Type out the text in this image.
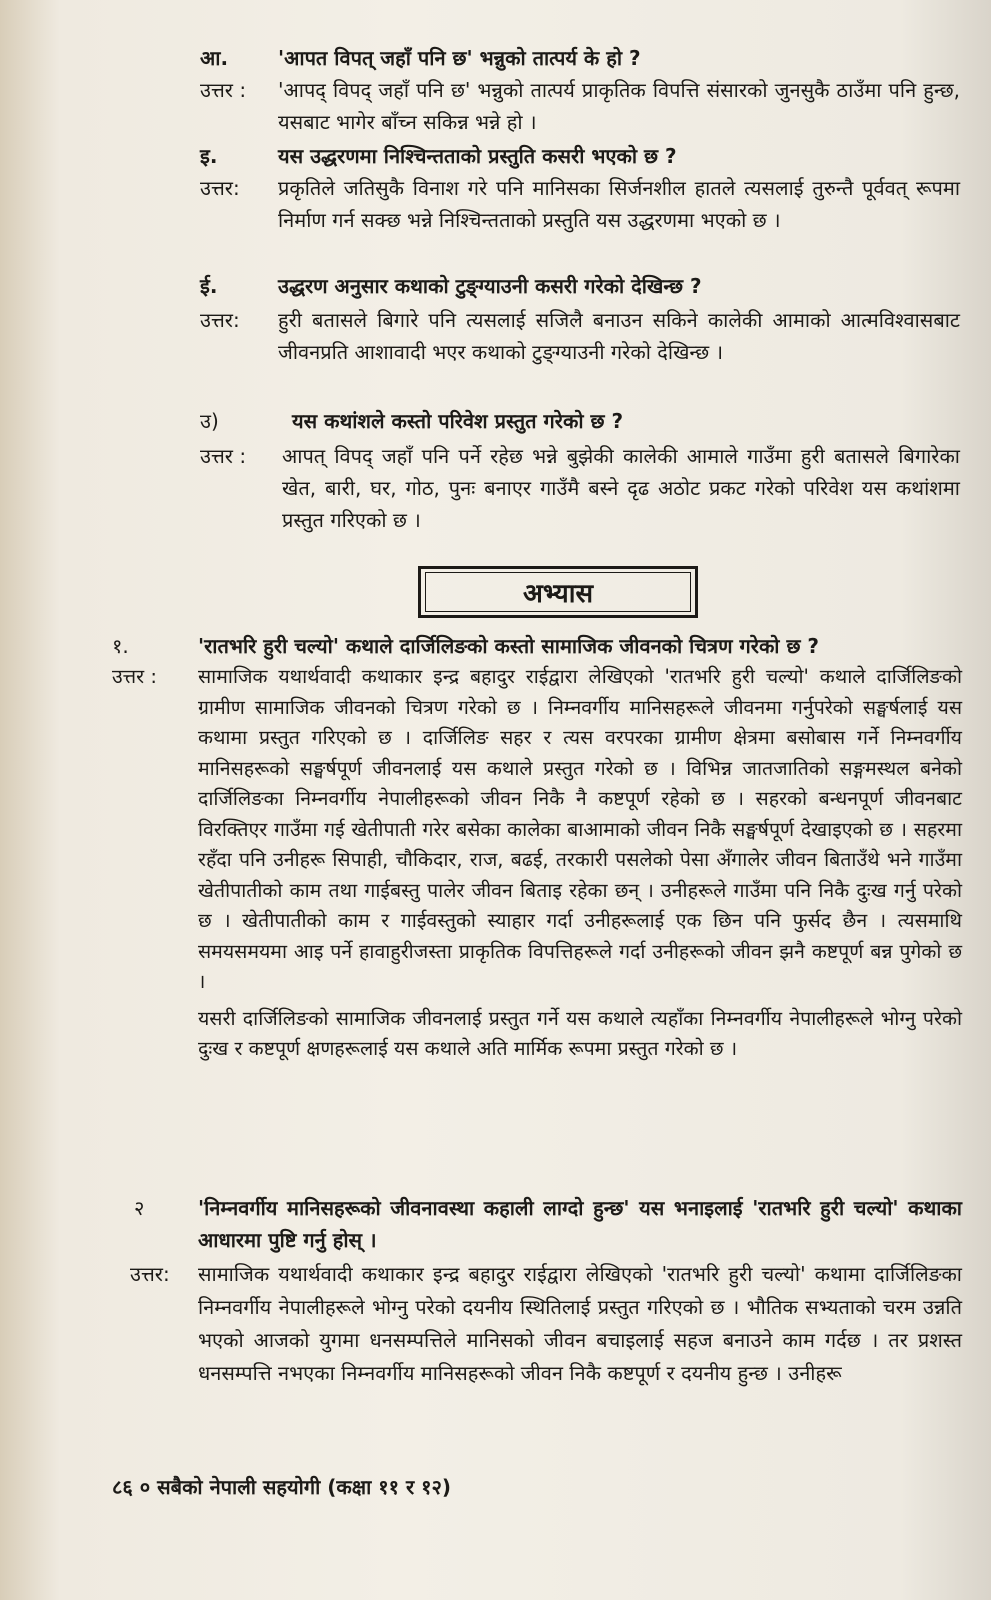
आ. 'आपत विपत् जहाँ पनि छ' भन्नुको तात्पर्य के हो ?
उत्तर : 'आपद् विपद् जहाँ पनि छ' भन्नुको तात्पर्य प्राकृतिक विपत्ति संसारको जुनसुकै ठाउँमा पनि हुन्छ, यसबाट भागेर बाँच्न सकिन्न भन्ने हो ।
इ.	यस उद्धरणमा निश्चिन्तताको प्रस्तुति कसरी भएको छ ?
उत्तर: प्रकृतिले जतिसुकै विनाश गरे पनि मानिसका सिर्जनशील हातले त्यसलाई तुरुन्तै पूर्ववत् रूपमा निर्माण गर्न सक्छ भन्ने निश्चिन्तताको प्रस्तुति यस उद्धरणमा भएको छ ।
ई.	उद्धरण अनुसार कथाको टुङ्ग्याउनी कसरी गरेको देखिन्छ ?
उत्तर: हुरी बतासले बिगारे पनि त्यसलाई सजिलै बनाउन सकिने कालेकी आमाको आत्मविश्वासबाट जीवनप्रति आशावादी भएर कथाको टुङ्ग्याउनी गरेको देखिन्छ ।
उ)	यस कथांशले कस्तो परिवेश प्रस्तुत गरेको छ ?
उत्तर : आपत् विपद् जहाँ पनि पर्ने रहेछ भन्ने बुझेकी कालेकी आमाले गाउँमा हुरी बतासले बिगारेका खेत, बारी, घर, गोठ, पुनः बनाएर गाउँमै बस्ने दृढ अठोट प्रकट गरेको परिवेश यस कथांशमा प्रस्तुत गरिएको छ ।
अभ्यास
१.	'रातभरि हुरी चल्यो' कथाले दार्जिलिङको कस्तो सामाजिक जीवनको चित्रण गरेको छ ?
उत्तर : सामाजिक यथार्थवादी कथाकार इन्द्र बहादुर राईद्वारा लेखिएको 'रातभरि हुरी चल्यो' कथाले दार्जिलिङको ग्रामीण सामाजिक जीवनको चित्रण गरेको छ । निम्नवर्गीय मानिसहरूले जीवनमा गर्नुपरेको सङ्घर्षलाई यस कथामा प्रस्तुत गरिएको छ । दार्जिलिङ सहर र त्यस वरपरका ग्रामीण क्षेत्रमा बसोबास गर्ने निम्नवर्गीय मानिसहरूको सङ्घर्षपूर्ण जीवनलाई यस कथाले प्रस्तुत गरेको छ । विभिन्न जातजातिको सङ्गमस्थल बनेको दार्जिलिङका निम्नवर्गीय नेपालीहरूको जीवन निकै नै कष्टपूर्ण रहेको छ । सहरको बन्धनपूर्ण जीवनबाट विरक्तिएर गाउँमा गई खेतीपाती गरेर बसेका कालेका बाआमाको जीवन निकै सङ्घर्षपूर्ण देखाइएको छ । सहरमा रहँदा पनि उनीहरू सिपाही, चौकिदार, राज, बढई, तरकारी पसलेको पेसा अँगालेर जीवन बिताउँथे भने गाउँमा खेतीपातीको काम तथा गाईबस्तु पालेर जीवन बिताइ रहेका छन् । उनीहरूले गाउँमा पनि निकै दुःख गर्नु परेको छ । खेतीपातीको काम र गाईवस्तुको स्याहार गर्दा उनीहरूलाई एक छिन पनि फुर्सद छैन । त्यसमाथि समयसमयमा आइ पर्ने हावाहुरीजस्ता प्राकृतिक विपत्तिहरूले गर्दा उनीहरूको जीवन झनै कष्टपूर्ण बन्न पुगेको छ ।
यसरी दार्जिलिङको सामाजिक जीवनलाई प्रस्तुत गर्ने यस कथाले त्यहाँका निम्नवर्गीय नेपालीहरूले भोग्नु परेको दुःख र कष्टपूर्ण क्षणहरूलाई यस कथाले अति मार्मिक रूपमा प्रस्तुत गरेको छ ।
२	'निम्नवर्गीय मानिसहरूको जीवनावस्था कहाली लाग्दो हुन्छ' यस भनाइलाई 'रातभरि हुरी चल्यो' कथाका आधारमा पुष्टि गर्नु होस् ।
उत्तर: सामाजिक यथार्थवादी कथाकार इन्द्र बहादुर राईद्वारा लेखिएको 'रातभरि हुरी चल्यो' कथामा दार्जिलिङका निम्नवर्गीय नेपालीहरूले भोग्नु परेको दयनीय स्थितिलाई प्रस्तुत गरिएको छ । भौतिक सभ्यताको चरम उन्नति भएको आजको युगमा धनसम्पत्तिले मानिसको जीवन बचाइलाई सहज बनाउने काम गर्दछ । तर प्रशस्त धनसम्पत्ति नभएका निम्नवर्गीय मानिसहरूको जीवन निकै कष्टपूर्ण र दयनीय हुन्छ । उनीहरू
८६ ० सबैको नेपाली सहयोगी (कक्षा ११ र १२)
